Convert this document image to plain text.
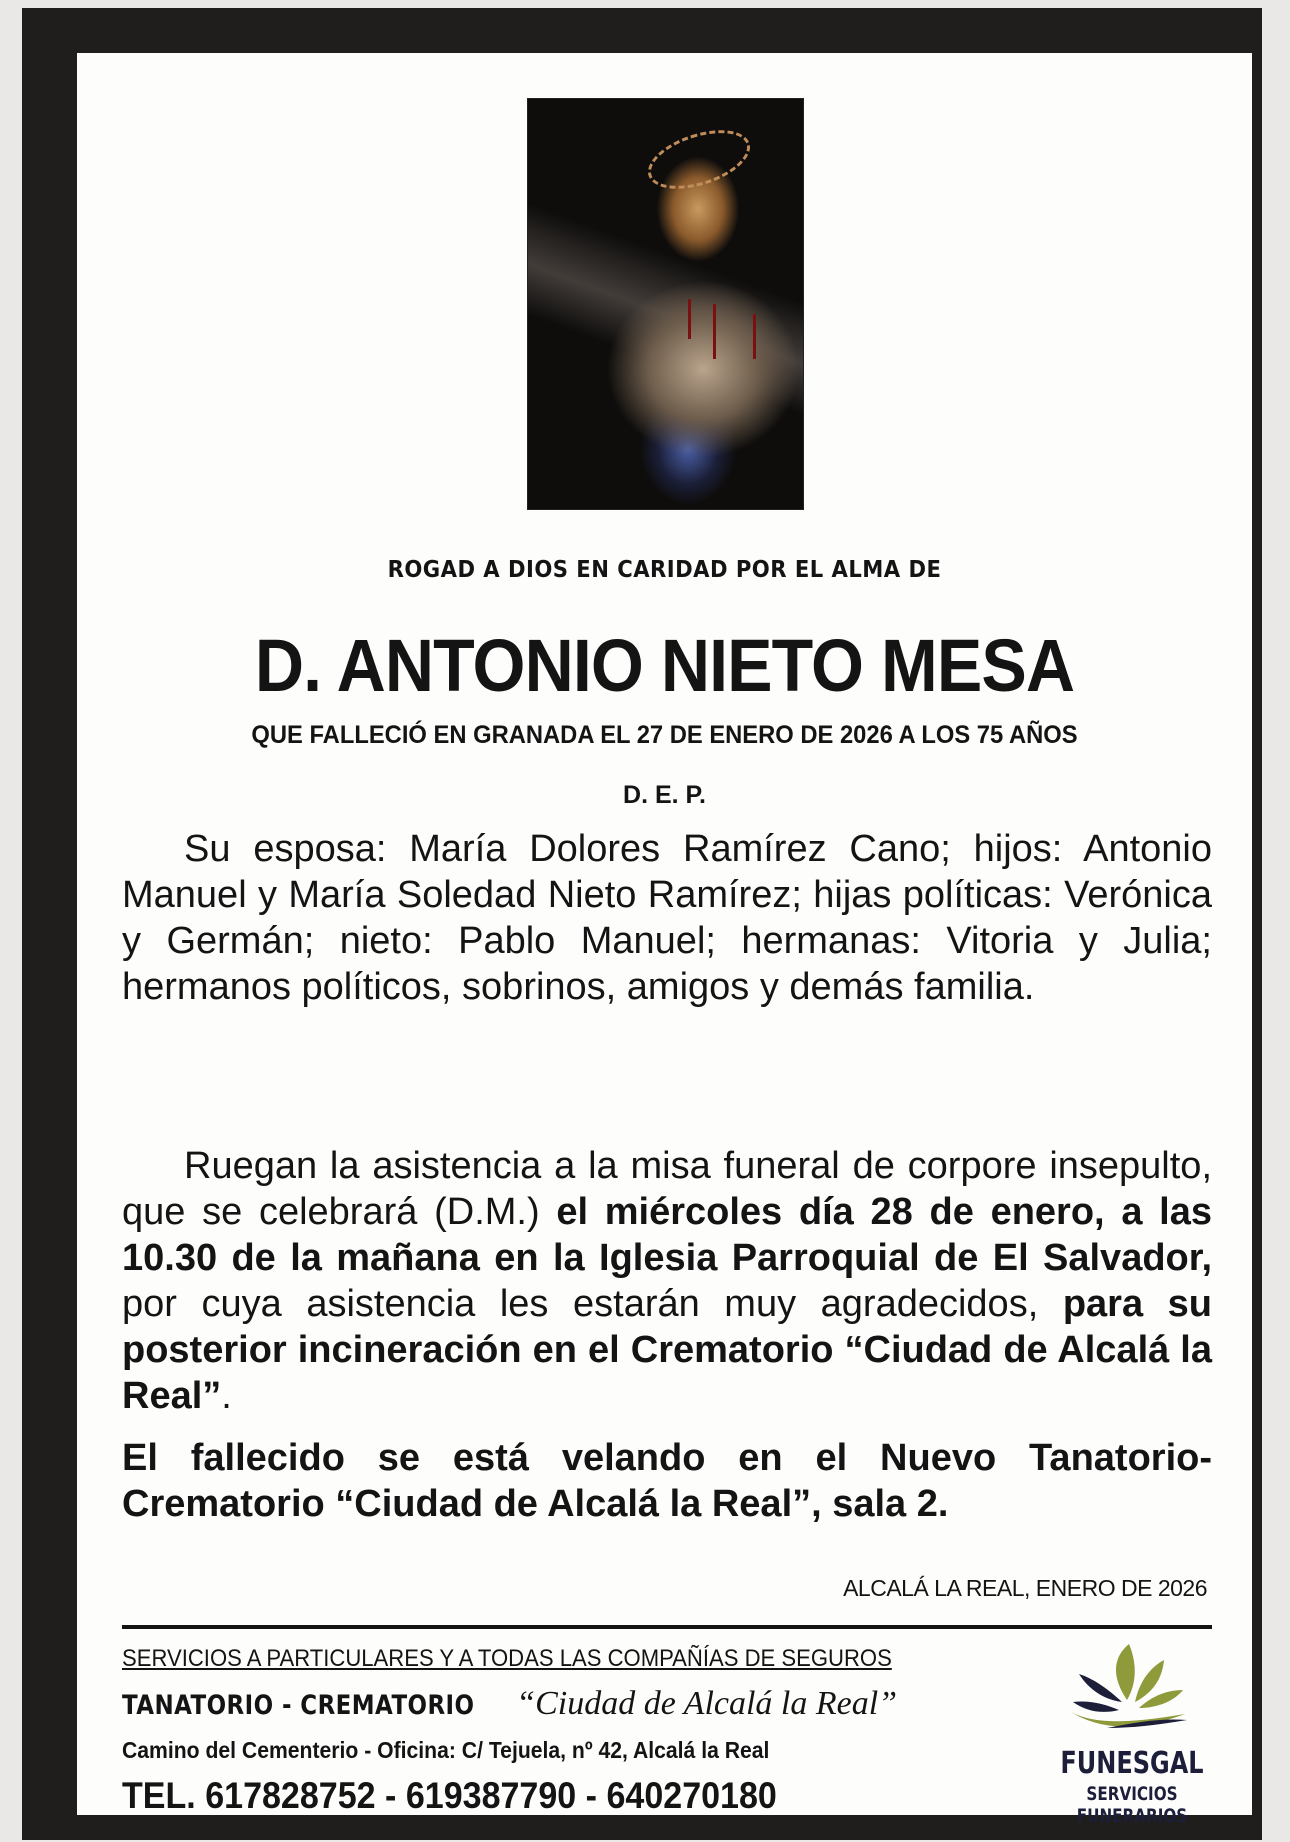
ROGAD A DIOS EN CARIDAD POR EL ALMA DE
D. ANTONIO NIETO MESA
QUE FALLECIÓ EN GRANADA EL 27 DE ENERO DE 2026 A LOS 75 AÑOS
D. E. P.
Su esposa: María Dolores Ramírez Cano; hijos: Antonio Manuel y María Soledad Nieto Ramírez; hijas políticas: Verónica y Germán; nieto: Pablo Manuel; hermanas: Vitoria y Julia; hermanos políticos, sobrinos, amigos y demás familia.
Ruegan la asistencia a la misa funeral de corpore insepulto, que se celebrará (D.M.) el miércoles día 28 de enero, a las 10.30 de la mañana en la Iglesia Parroquial de El Salvador, por cuya asistencia les estarán muy agradecidos, para su posterior incineración en el Crematorio “Ciudad de Alcalá la Real”.
El fallecido se está velando en el Nuevo Tanatorio-Crematorio “Ciudad de Alcalá la Real”, sala 2.
ALCALÁ LA REAL, ENERO DE 2026
SERVICIOS A PARTICULARES Y A TODAS LAS COMPAÑÍAS DE SEGUROS
TANATORIO - CREMATORIO “Ciudad de Alcalá la Real”
Camino del Cementerio - Oficina: C/ Tejuela, nº 42, Alcalá la Real
TEL. 617828752 - 619387790 - 640270180
FUNESGAL
SERVICIOS FUNERARIOS
